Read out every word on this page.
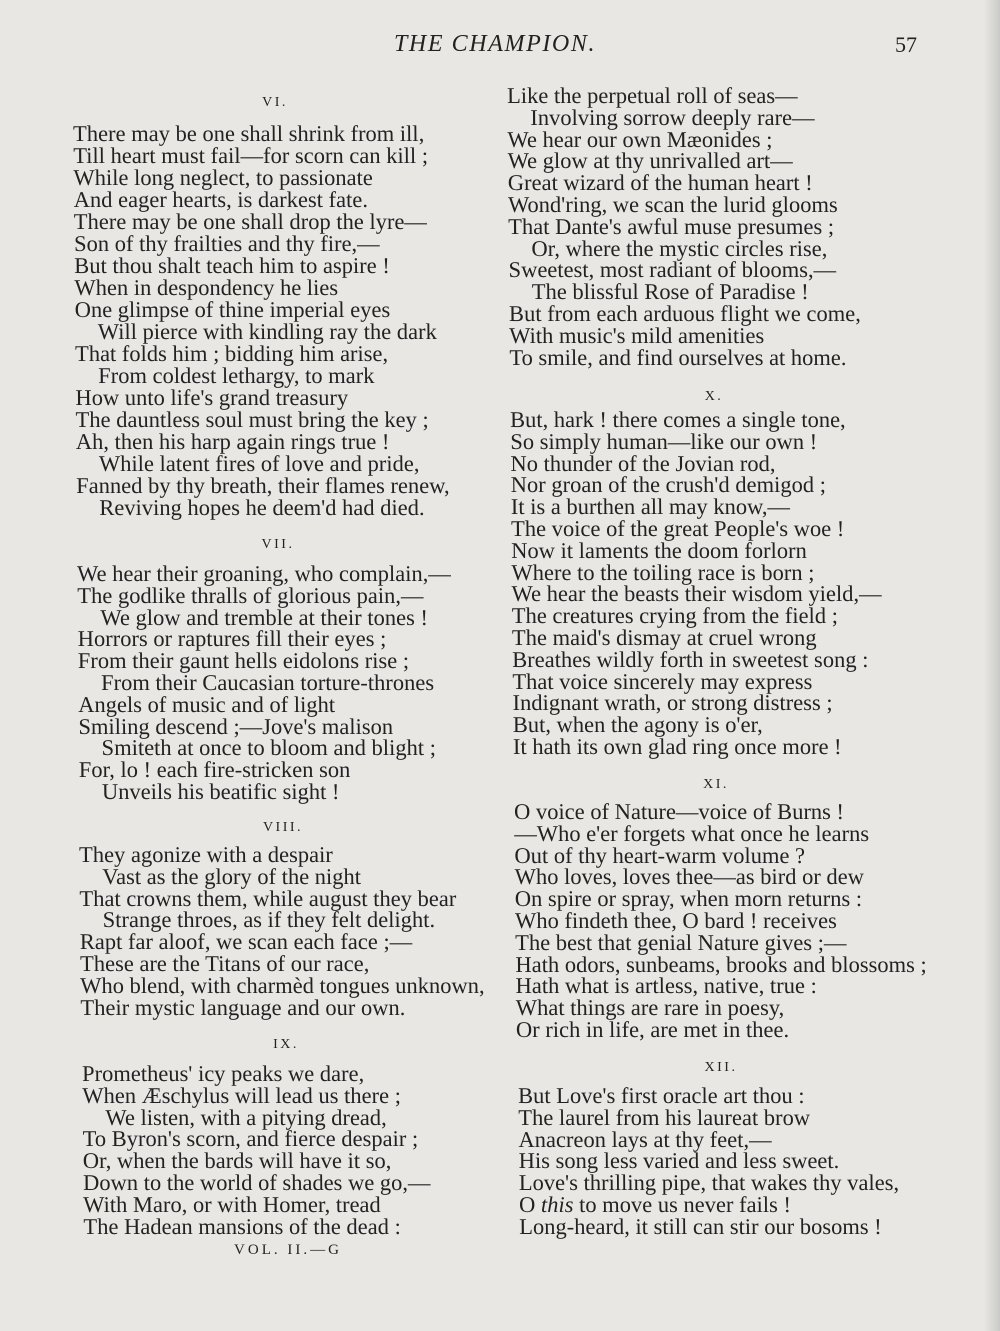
THE CHAMPION.	57
VI.
There may be one shall shrink from ill,
Till heart must fail—for scorn can kill ;
While long neglect, to passionate
And eager hearts, is darkest fate.
There may be one shall drop the lyre—
Son of thy frailties and thy fire,—
But thou shalt teach him to aspire !
When in despondency he lies
One glimpse of thine imperial eyes
Will pierce with kindling ray the dark
That folds him ; bidding him arise,
From coldest lethargy, to mark
How unto life's grand treasury
The dauntless soul must bring the key ;
Ah, then his harp again rings true !
While latent fires of love and pride,
Fanned by thy breath, their flames renew,
Reviving hopes he deem'd had died.
VII.
We hear their groaning, who complain,—
The godlike thralls of glorious pain,—
We glow and tremble at their tones !
Horrors or raptures fill their eyes ;
From their gaunt hells eidolons rise ;
From their Caucasian torture-thrones
Angels of music and of light
Smiling descend ;—Jove's malison
Smiteth at once to bloom and blight ;
For, lo ! each fire-stricken son
Unveils his beatific sight !
VIII.
They agonize with a despair
Vast as the glory of the night
That crowns them, while august they bear
Strange throes, as if they felt delight.
Rapt far aloof, we scan each face ;—
These are the Titans of our race,
Who blend, with charmèd tongues unknown,
Their mystic language and our own.
IX.
Prometheus' icy peaks we dare,
When Æschylus will lead us there ;
We listen, with a pitying dread,
To Byron's scorn, and fierce despair ;
Or, when the bards will have it so,
Down to the world of shades we go,—
With Maro, or with Homer, tread
The Hadean mansions of the dead :
VOL. II.—G
Like the perpetual roll of seas—
Involving sorrow deeply rare—
We hear our own Mæonides ;
We glow at thy unrivalled art—
Great wizard of the human heart !
Wond'ring, we scan the lurid glooms
That Dante's awful muse presumes ;
Or, where the mystic circles rise,
Sweetest, most radiant of blooms,—
The blissful Rose of Paradise !
But from each arduous flight we come,
With music's mild amenities
To smile, and find ourselves at home.
X.
But, hark ! there comes a single tone,
So simply human—like our own !
No thunder of the Jovian rod,
Nor groan of the crush'd demigod ;
It is a burthen all may know,—
The voice of the great People's woe !
Now it laments the doom forlorn
Where to the toiling race is born ;
We hear the beasts their wisdom yield,—
The creatures crying from the field ;
The maid's dismay at cruel wrong
Breathes wildly forth in sweetest song :
That voice sincerely may express
Indignant wrath, or strong distress ;
But, when the agony is o'er,
It hath its own glad ring once more !
XI.
O voice of Nature—voice of Burns !
—Who e'er forgets what once he learns
Out of thy heart-warm volume ?
Who loves, loves thee—as bird or dew
On spire or spray, when morn returns :
Who findeth thee, O bard ! receives
The best that genial Nature gives ;—
Hath odors, sunbeams, brooks and blossoms ;
Hath what is artless, native, true :
What things are rare in poesy,
Or rich in life, are met in thee.
XII.
But Love's first oracle art thou :
The laurel from his laureat brow
Anacreon lays at thy feet,—
His song less varied and less sweet.
Love's thrilling pipe, that wakes thy vales,
O this to move us never fails !
Long-heard, it still can stir our bosoms !
